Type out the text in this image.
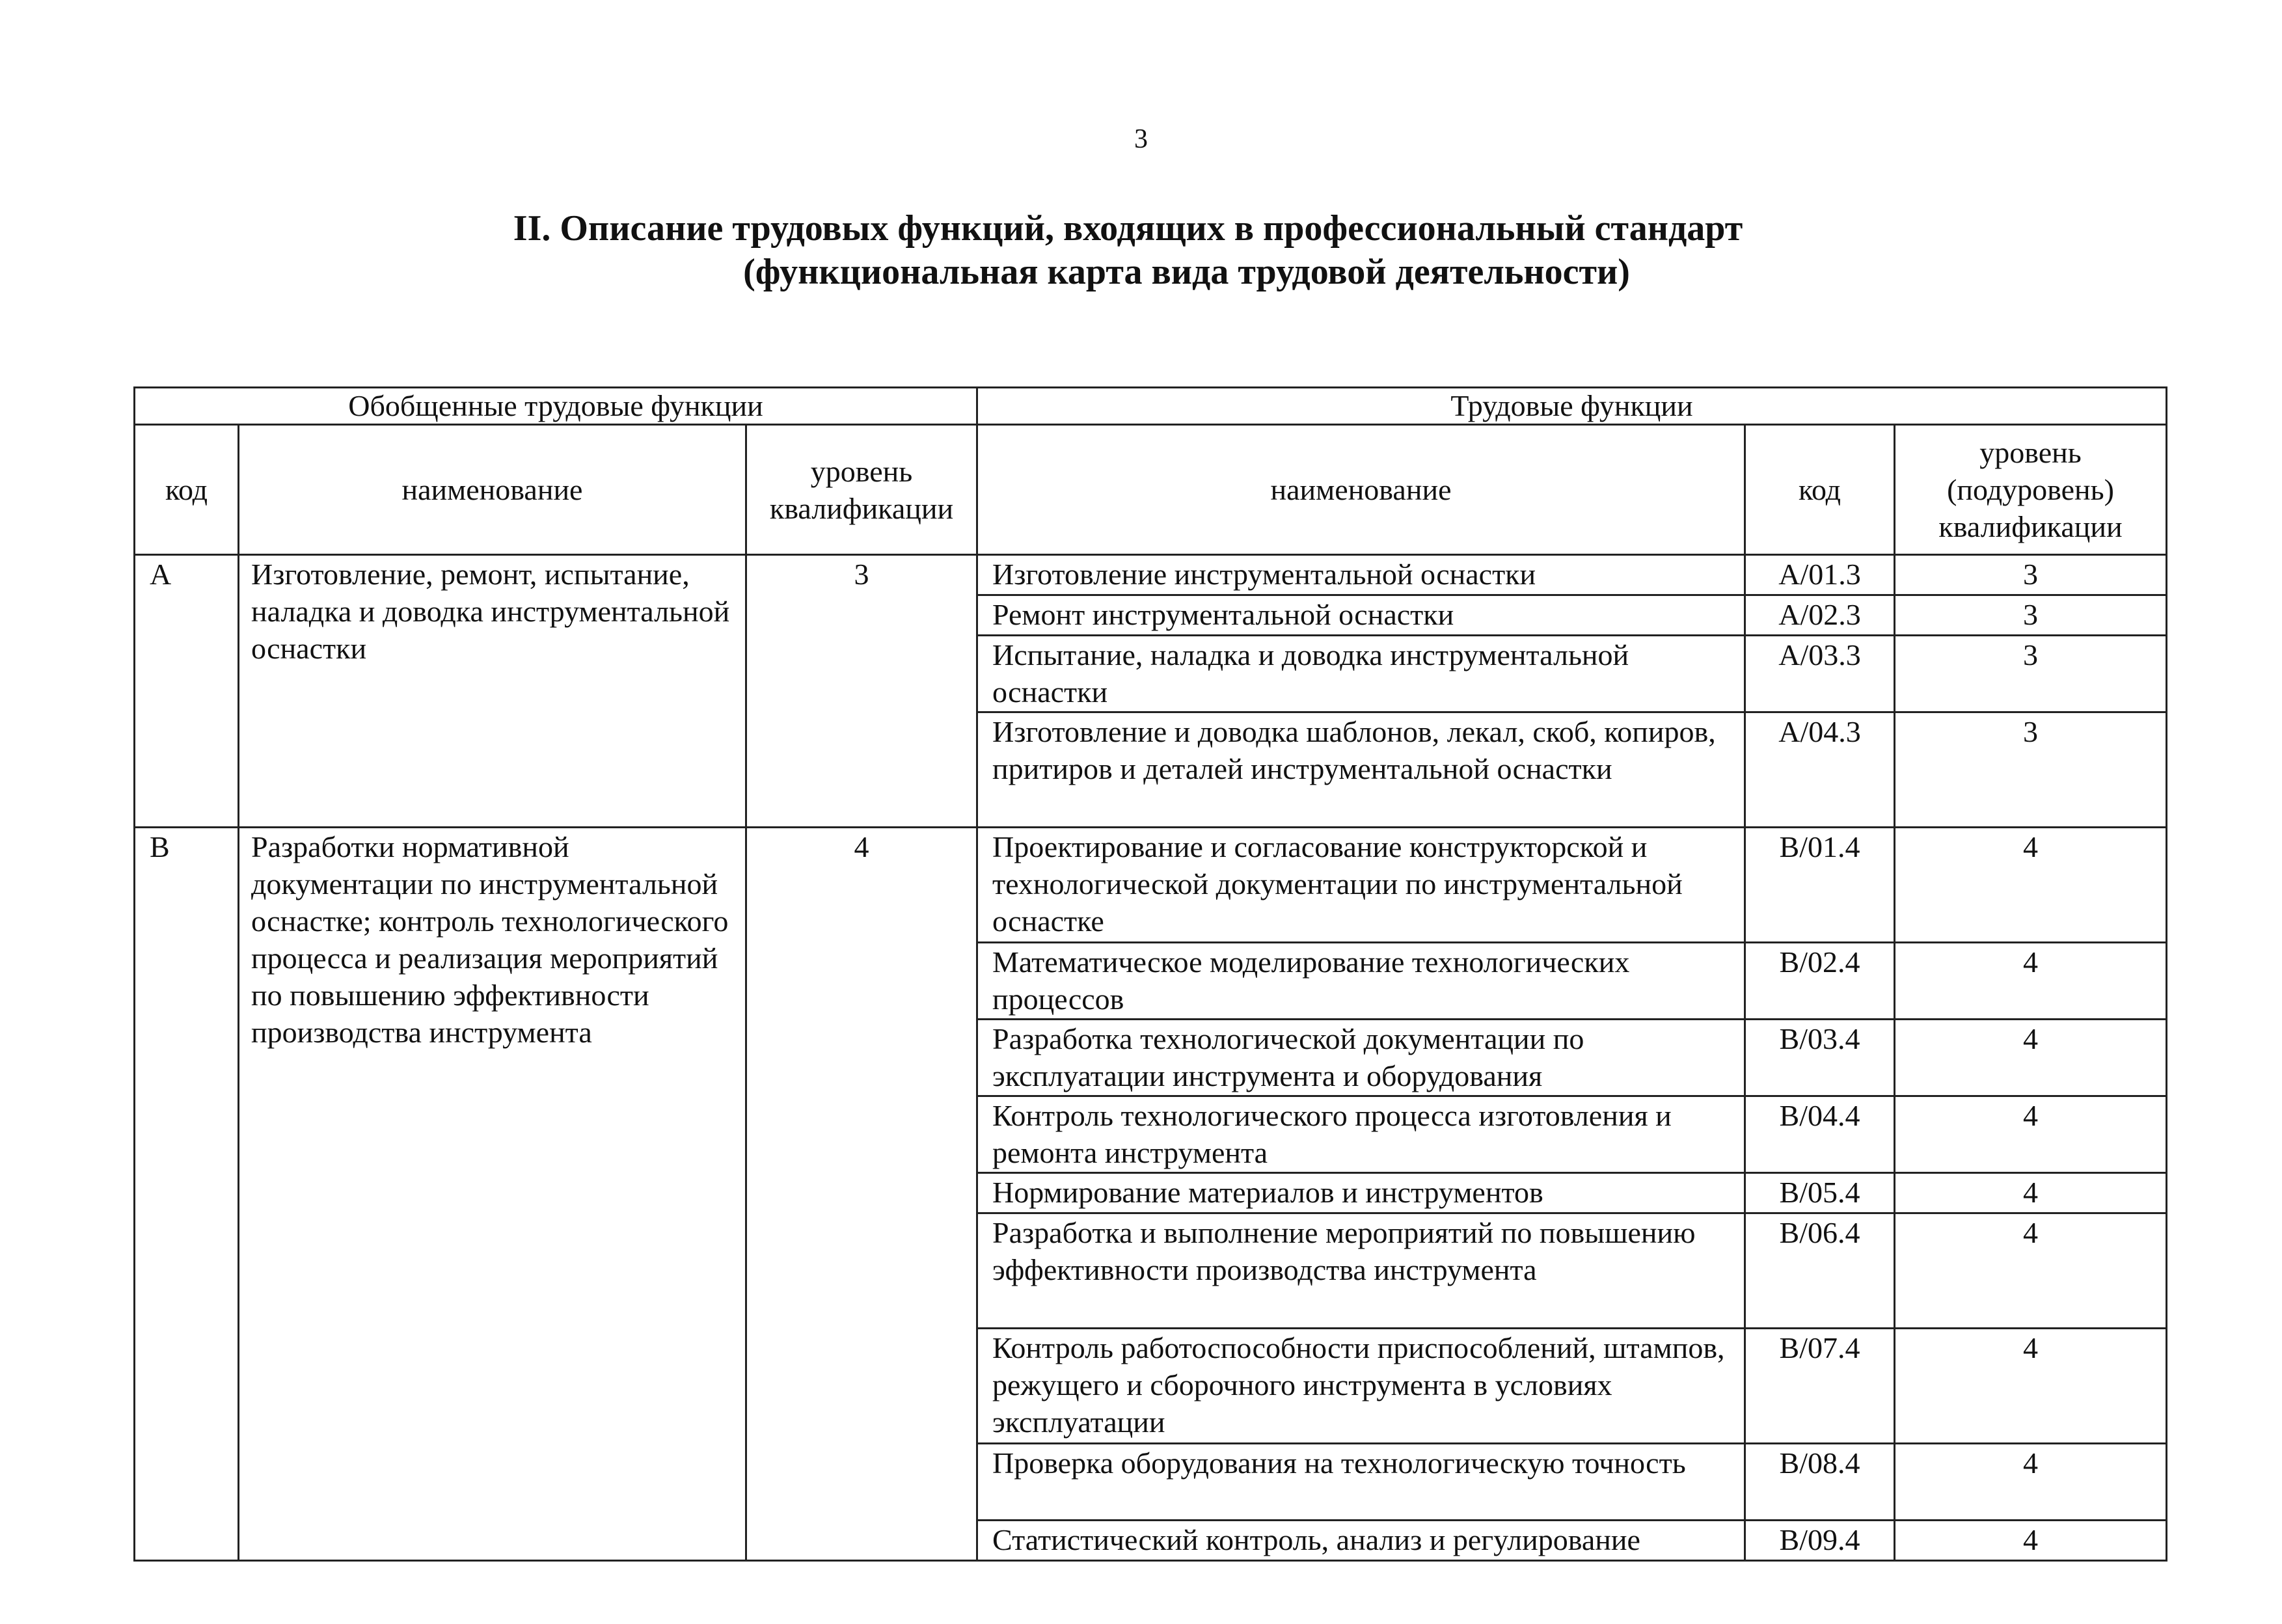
3
II. Описание трудовых функций, входящих в профессиональный стандарт
(функциональная карта вида трудовой деятельности)
Обобщенные трудовые функции			Трудовые функции		
код	наименование	уровень квалификации	наименование	код	уровень (подуровень) квалификации
A	Изготовление, ремонт, испытание, наладка и доводка инструментальной оснастки	3	Изготовление инструментальной оснастки	A/01.3	3
			Ремонт инструментальной оснастки	A/02.3	3
			Испытание, наладка и доводка инструментальной оснастки	A/03.3	3
			Изготовление и доводка шаблонов, лекал, скоб, копиров, притиров и деталей инструментальной оснастки	A/04.3	3
B	Разработки нормативной документации по инструментальной оснастке; контроль технологического процесса и реализация мероприятий по повышению эффективности производства инструмента	4	Проектирование и согласование конструкторской и технологической документации по инструментальной оснастке	B/01.4	4
			Математическое моделирование технологических процессов	B/02.4	4
			Разработка технологической документации по эксплуатации инструмента и оборудования	B/03.4	4
			Контроль технологического процесса изготовления и ремонта инструмента	B/04.4	4
			Нормирование материалов и инструментов	B/05.4	4
			Разработка и выполнение мероприятий по повышению эффективности производства инструмента	B/06.4	4
			Контроль работоспособности приспособлений, штампов, режущего и сборочного инструмента в условиях эксплуатации	B/07.4	4
			Проверка оборудования на технологическую точность	B/08.4	4
			Статистический контроль, анализ и регулирование	B/09.4	4
